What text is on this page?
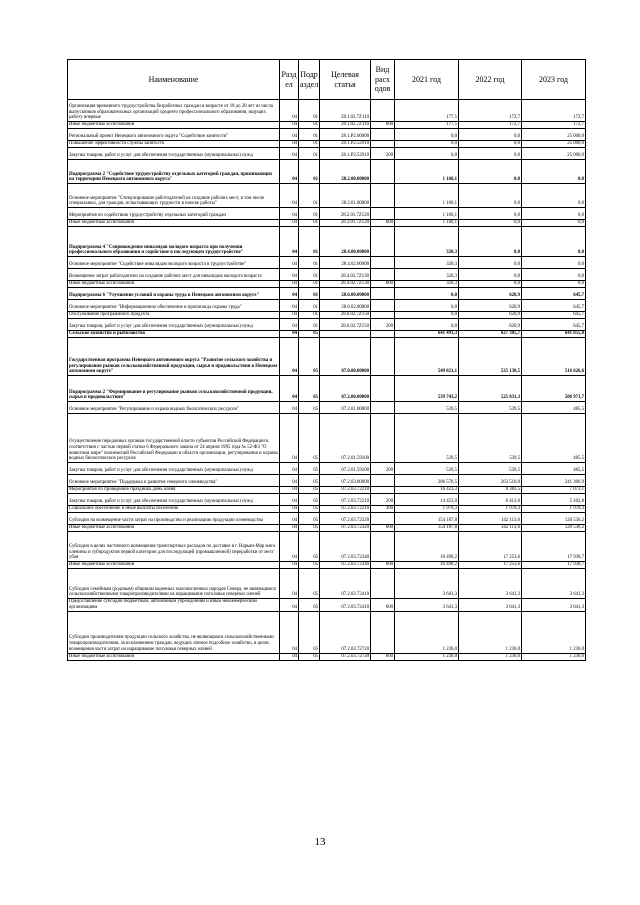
Наименование	Разд ел	Подр аздел	Целевая статья	Вид расх одов	2021 год	2022 год	2023 год
Организация временного трудоустройства безработных граждан в возрасте от 18 до 20 лет из числа выпускников образовательных организаций среднего профессионального образования, ищущих работу впервые	04	01	28.1.02.7Z110		177,5	172,7	172,7
Иные бюджетные ассигнования	04	01	28.1.02.7Z110	800	177,5	172,7	172,7
Региональный проект Ненецкого автономного округа "Содействие занятости"	04	01	28.1.P2.00000		0,0	0,0	25 000,0
Повышение эффективности службы занятости	04	01	28.1.P2.52910		0,0	0,0	25 000,0
Закупка товаров, работ и услуг для обеспечения государственных (муниципальных) нужд	04	01	28.1.P2.52910	200	0,0	0,0	25 000,0
Подпрограмма 2 "Содействие трудоустройству отдельных категорий граждан, проживающих на территории Ненецкого автономного округа"	04	01	28.2.00.00000		1 160,1	0,0	0,0
Основное мероприятие "Стимулирование работодателей на создание рабочих мест, в том числе специальных, для граждан, испытывающих трудности в поиске работы"	04	01	28.2.01.00000		1 160,1	0,0	0,0
Мероприятия по содействию трудоустройству отдельных категорий граждан	04	01	28.2.01.7Z120		1 160,1	0,0	0,0
Иные бюджетные ассигнования	04	01	28.2.01.7Z120	800	1 160,1	0,0	0,0
Подпрограмма 4 "Сопровождение инвалидов молодого возраста при получении профессионального образования и содействие в последующем трудоустройстве"	04	01	28.4.00.00000		320,3	0,0	0,0
Основное мероприятие "Содействие инвалидам молодого возраста в трудоустройстве"	04	01	28.4.02.00000		320,3	0,0	0,0
Возмещение затрат работодателю на создание рабочих мест для инвалидов молодого возраста	04	01	28.4.02.7Z130		320,3	0,0	0,0
Иные бюджетные ассигнования	04	01	28.4.02.7Z130	800	320,3	0,0	0,0
Подпрограмма 6 "Улучшение условий и охраны труда в Ненецком автономном округе"	04	01	28.6.00.00000		0,0	620,9	645,7
Основное мероприятие "Информационное обеспечение и пропаганда охраны труда"	04	01	28.6.02.00000		0,0	620,9	645,7
Обслуживание программного продукта	04	01	28.6.02.7Z150		0,0	620,9	645,7
Закупка товаров, работ и услуг для обеспечения государственных (муниципальных) нужд	04	01	28.6.02.7Z150	200	0,0	620,9	645,7
Сельское хозяйство и рыболовство	04	05			641 491,3	627 385,7	641 055,0
Государственная программа Ненецкого автономного округа "Развитие сельского хозяйства и регулирования рынков сельскохозяйственной продукции, сырья и продовольствия в Ненецком автономном округе"	04	05	07.0.00.00000		549 821,1	535 138,5	516 626,6
Подпрограмма 2 "Формирование и регулирование рынков сельскохозяйственной продукции, сырья и продовольствия"	04	05	07.2.00.00000		539 743,2	525 831,3	506 971,7
Основное мероприятие "Регулирование и охрана водных биологических ресурсов"	04	05	07.2.01.00000		539,5	539,5	485,5
Осуществление переданных органам государственной власти субъектов Российской Федерации в соответствии с частью первой статьи 6 Федерального закона от 24 апреля 1995 года № 52-ФЗ "О животном мире" полномочий Российской Федерации в области организации, регулирования и охраны водных биологических ресурсов	04	05	07.2.01.59100		539,5	539,5	485,5
Закупка товаров, работ и услуг для обеспечения государственных (муниципальных) нужд	04	05	07.2.01.59100	200	539,5	539,5	485,5
Основное мероприятие "Поддержка и развитие северного оленеводства"	04	05	07.2.03.00000		286 570,5	263 510,0	241 306,9
Мероприятия по проведению праздника День оленя	04	05	07.2.03.72210		16 423,3	8 383,5	7 073,1
Закупка товаров, работ и услуг для обеспечения государственных (муниципальных) нужд	04	05	07.2.03.72210	200	14 453,0	6 413,6	5 102,8
Социальное обеспечение и иные выплаты населению	04	05	07.2.03.72210	300	1 970,3	1 970,3	1 970,3
Субсидии на возмещение части затрат на производство и реализацию продукции оленеводства	04	05	07.2.03.72320		154 187,8	142 113,6	120 536,2
Иные бюджетные ассигнования	04	05	07.2.03.72320	800	154 187,8	142 113,6	120 536,2
Субсидии в целях частичного возмещения транспортных расходов по доставке в г. Нарьян-Мар мяса оленины и субпродуктов первой категории для последующей (промышленной) переработки от мест убоя	04	05	07.2.03.72340		16 490,2	17 253,6	17 938,7
Иные бюджетные ассигнования	04	05	07.2.03.72340	800	16 490,2	17 253,6	17 938,7
Субсидии семейным (родовым) общинам коренных малочисленных народов Севера, не являющимся сельскохозяйственными товаропроизводителями на наращивание поголовья северных оленей	04	05	07.2.03.72410		3 641,3	3 641,3	3 641,3
Предоставление субсидий бюджетным, автономным учреждениям и иным некоммерческим организациям	04	05	07.2.03.72410	600	3 641,3	3 641,3	3 641,3
Субсидии производителям продукции сельского хозяйства, не являющимся сельскохозяйственными товаропроизводителями, за исключением граждан, ведущих личное подсобное хозяйство, в целях возмещения части затрат на наращивание поголовья северных оленей	04	05	07.2.03.72720		1 236,0	1 236,0	1 236,0
Иные бюджетные ассигнования	04	05	07.2.03.72720	800	1 236,0	1 236,0	1 236,0
13
